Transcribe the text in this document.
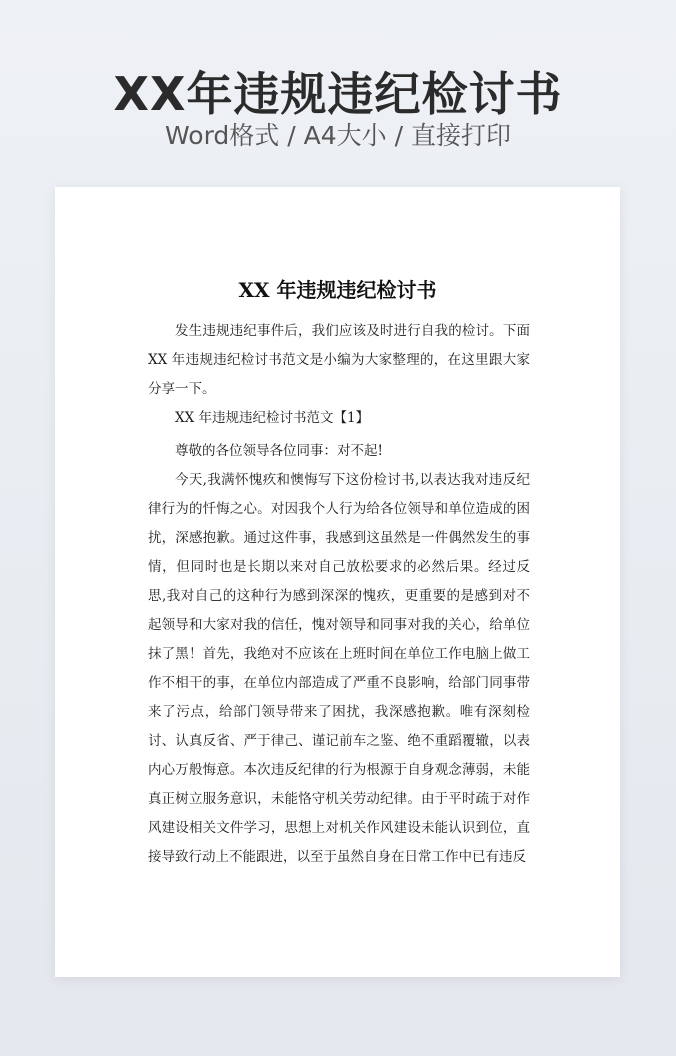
XX年违规违纪检讨书
Word格式 / A4大小 / 直接打印
XX 年违规违纪检讨书

发生违规违纪事件后，我们应该及时进行自我的检讨。下面 XX 年违规违纪检讨书范文是小编为大家整理的，在这里跟大家分享一下。

XX 年违规违纪检讨书范文【1】

尊敬的各位领导各位同事：对不起!

今天,我满怀愧疚和懊悔写下这份检讨书,以表达我对违反纪律行为的忏悔之心。对因我个人行为给各位领导和单位造成的困扰，深感抱歉。通过这件事，我感到这虽然是一件偶然发生的事情，但同时也是长期以来对自己放松要求的必然后果。经过反思,我对自己的这种行为感到深深的愧疚，更重要的是感到对不起领导和大家对我的信任，愧对领导和同事对我的关心，给单位抹了黑！首先，我绝对不应该在上班时间在单位工作电脑上做工作不相干的事，在单位内部造成了严重不良影响，给部门同事带来了污点，给部门领导带来了困扰，我深感抱歉。唯有深刻检讨、认真反省、严于律己、谨记前车之鉴、绝不重蹈覆辙，以表内心万般悔意。本次违反纪律的行为根源于自身观念薄弱，未能真正树立服务意识，未能恪守机关劳动纪律。由于平时疏于对作风建设相关文件学习，思想上对机关作风建设未能认识到位，直接导致行动上不能跟进，以至于虽然自身在日常工作中已有违反
